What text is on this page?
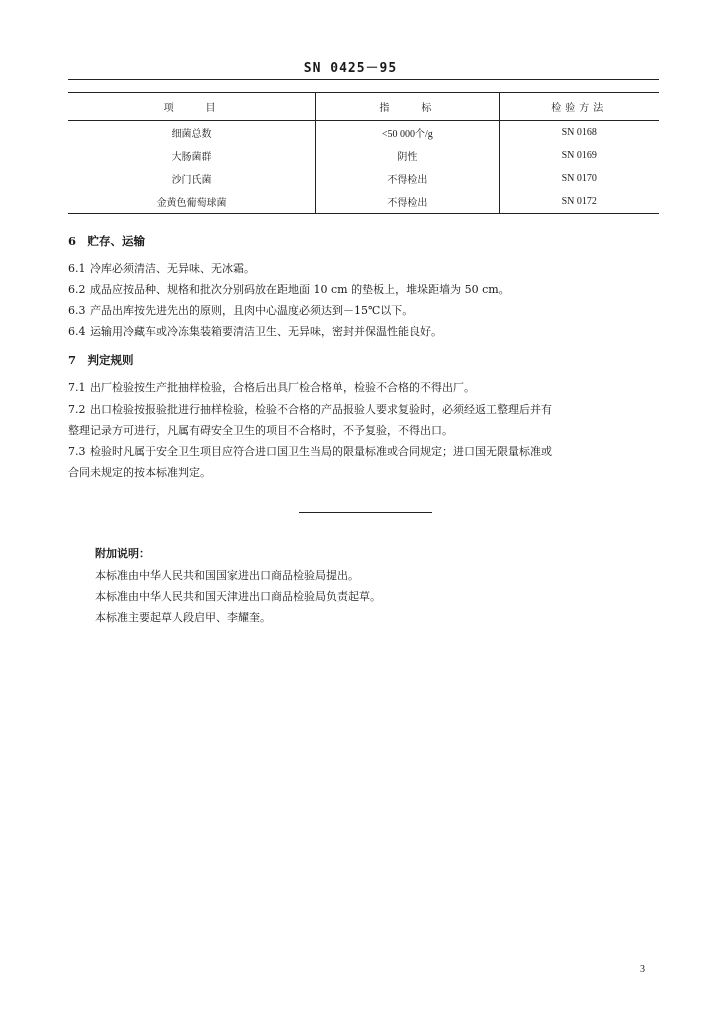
SN 0425－95
项　　目	指　　标	检验方法
细菌总数	<50 000个/g	SN 0168
大肠菌群	阴性	SN 0169
沙门氏菌	不得检出	SN 0170
金黄色葡萄球菌	不得检出	SN 0172
6　贮存、运输
6.1 冷库必须清洁、无异味、无冰霜。
6.2 成品应按品种、规格和批次分别码放在距地面 10 cm 的垫板上，堆垛距墙为 50 cm。
6.3 产品出库按先进先出的原则，且肉中心温度必须达到－15℃以下。
6.4 运输用冷藏车或冷冻集装箱要清洁卫生、无异味，密封并保温性能良好。
7　判定规则
7.1 出厂检验按生产批抽样检验，合格后出具厂检合格单，检验不合格的不得出厂。
7.2 出口检验按报验批进行抽样检验，检验不合格的产品报验人要求复验时，必须经返工整理后并有
整理记录方可进行，凡属有碍安全卫生的项目不合格时，不予复验，不得出口。
7.3 检验时凡属于安全卫生项目应符合进口国卫生当局的限量标准或合同规定；进口国无限量标准或
合同未规定的按本标准判定。
附加说明：
本标准由中华人民共和国国家进出口商品检验局提出。
本标准由中华人民共和国天津进出口商品检验局负责起草。
本标准主要起草人段启甲、李耀奎。
3
